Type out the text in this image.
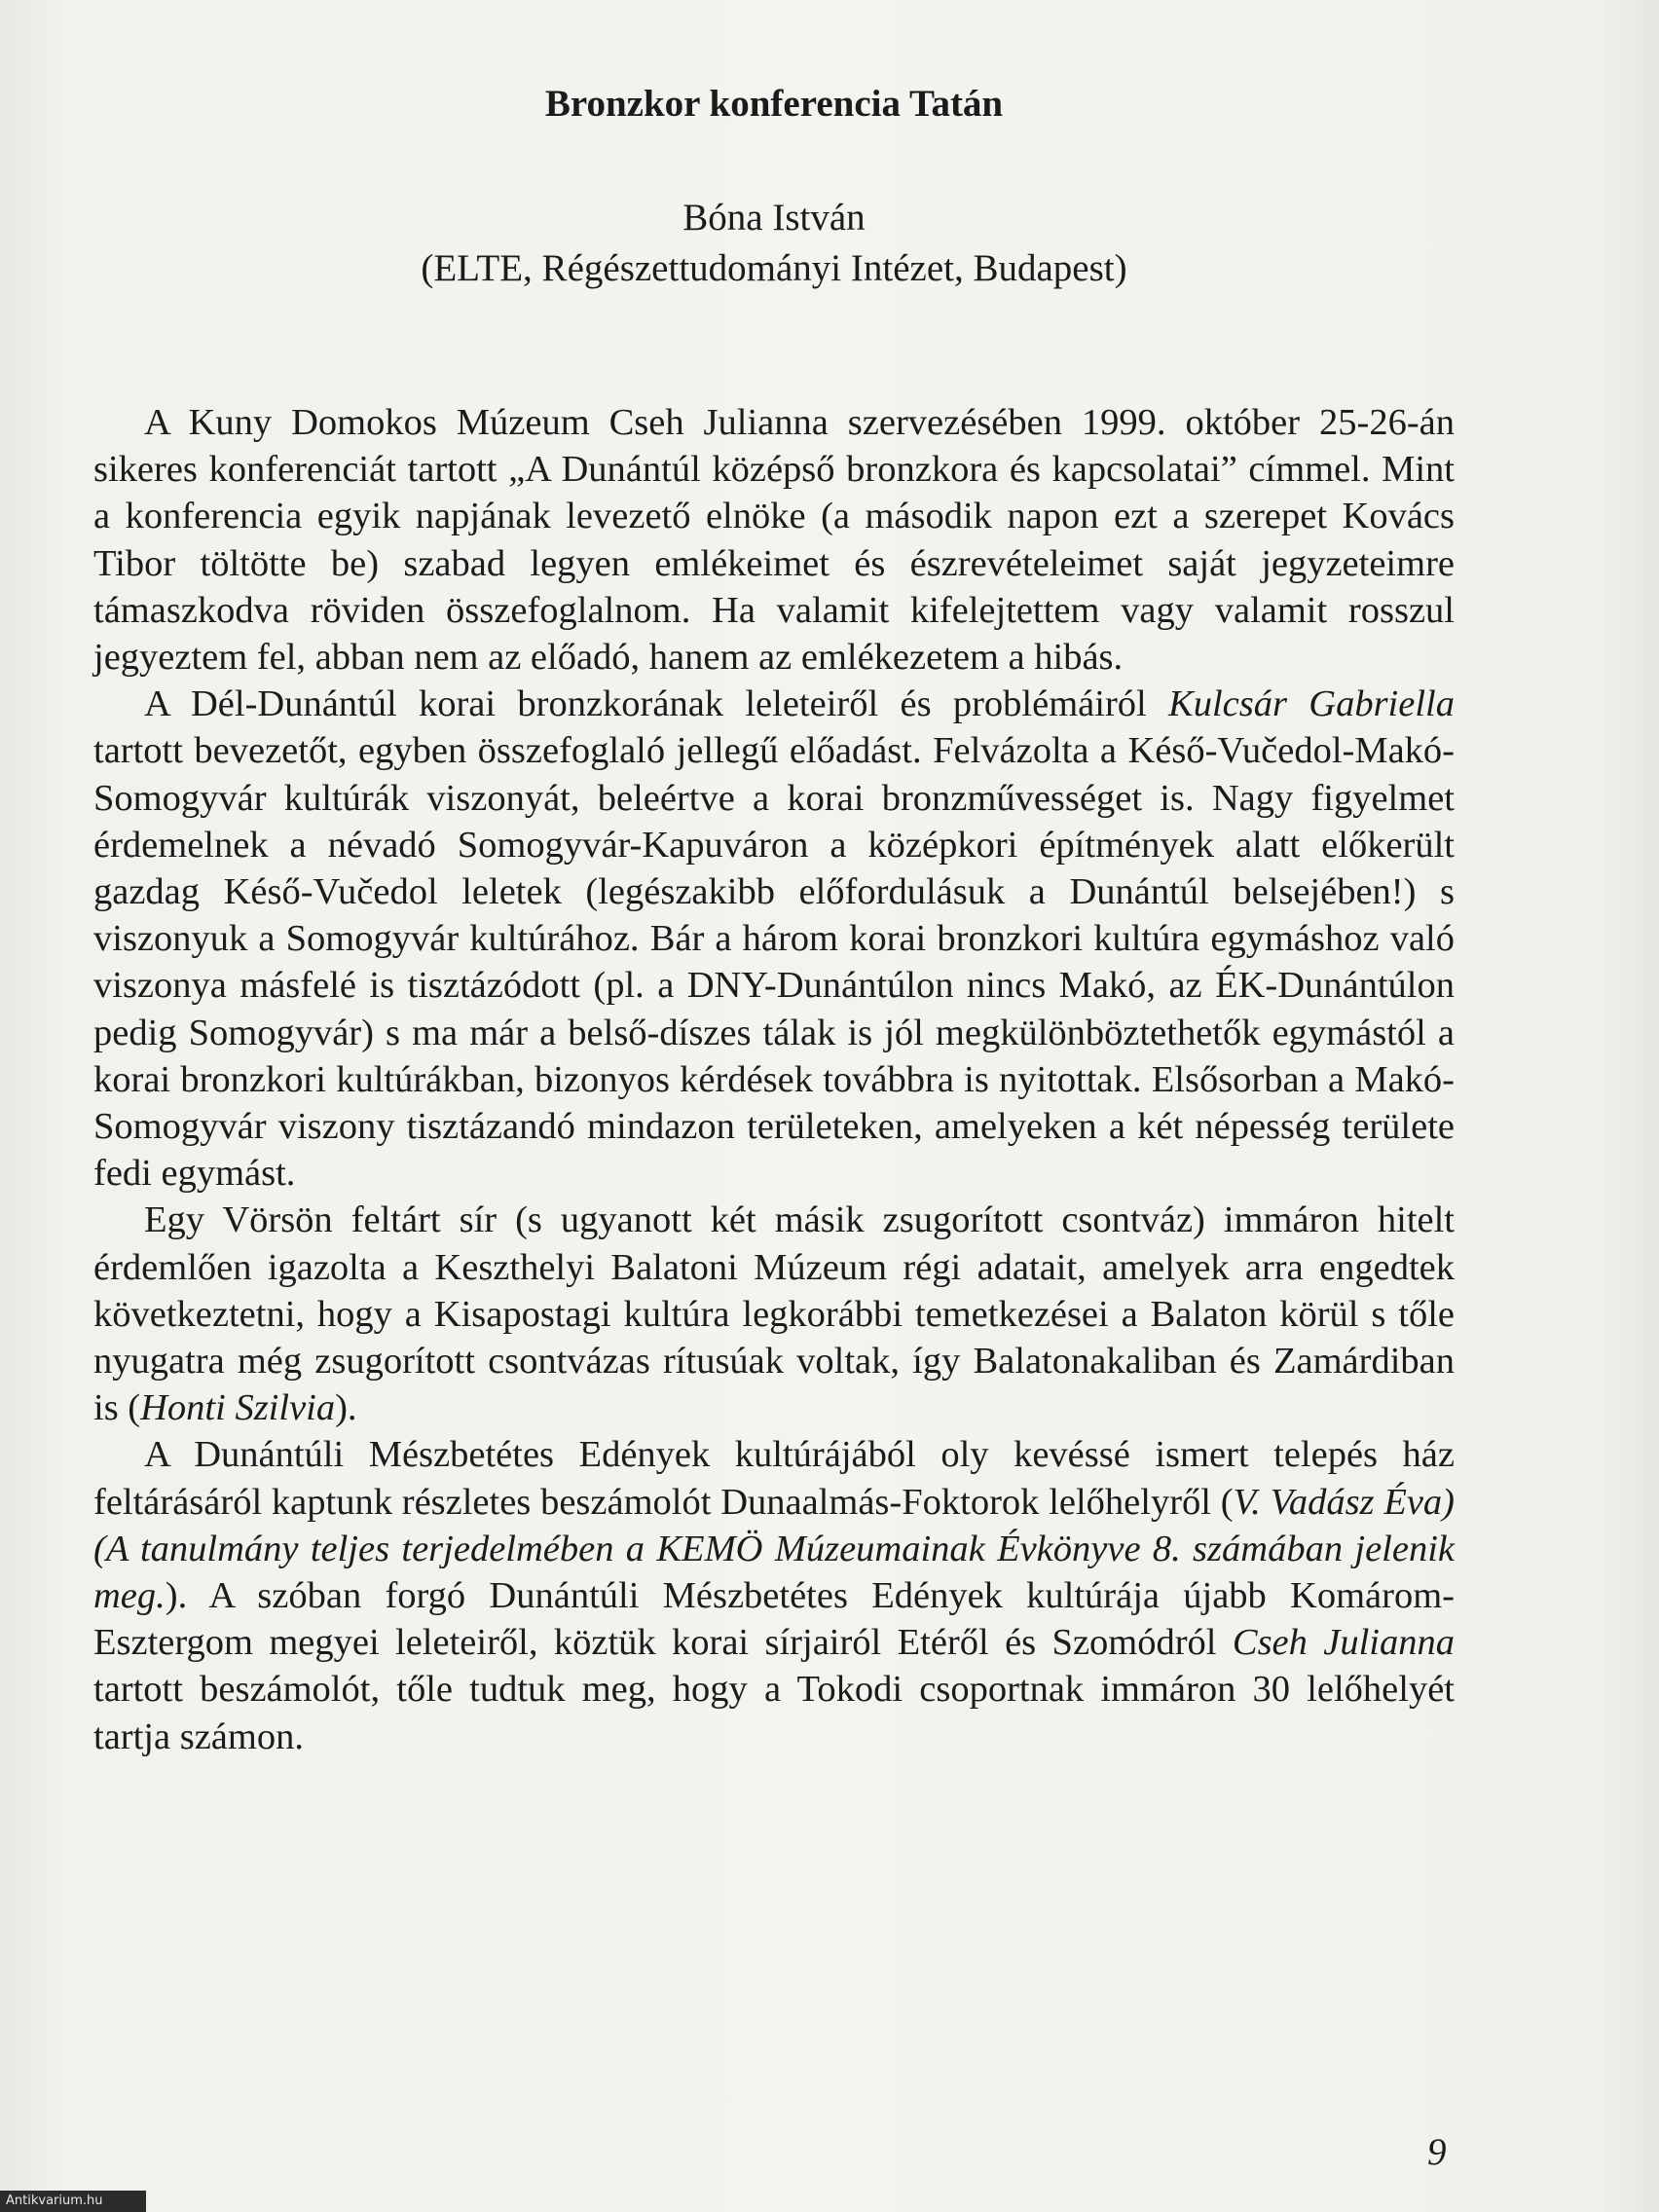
Bronzkor konferencia Tatán
Bóna István
(ELTE, Régészettudományi Intézet, Budapest)

A Kuny Domokos Múzeum Cseh Julianna szervezésében 1999. október 25-26-án sikeres konferenciát tartott „A Dunántúl középső bronzkora és kapcsolatai” címmel. Mint a konferencia egyik napjának levezető elnöke (a második napon ezt a szerepet Kovács Tibor töltötte be) szabad legyen emlékeimet és észrevételeimet saját jegyzeteimre támaszkodva röviden összefoglalnom. Ha valamit kifelejtettem vagy valamit rosszul jegyeztem fel, abban nem az előadó, hanem az emlékezetem a hibás.

A Dél-Dunántúl korai bronzkorának leleteiről és problémáiról Kulcsár Gabriella tartott bevezetőt, egyben összefoglaló jellegű előadást. Felvázolta a Késő-Vučedol-Makó-Somogyvár kultúrák viszonyát, beleértve a korai bronzművességet is. Nagy figyelmet érdemelnek a névadó Somogyvár-Kapuváron a középkori építmények alatt előkerült gazdag Késő-Vučedol leletek (legészakibb előfordulásuk a Dunántúl belsejében!) s viszonyuk a Somogyvár kultúrához. Bár a három korai bronzkori kultúra egymáshoz való viszonya másfelé is tisztázódott (pl. a DNY-Dunántúlon nincs Makó, az ÉK-Dunántúlon pedig Somogyvár) s ma már a belső-díszes tálak is jól megkülönböztethetők egymástól a korai bronzkori kultúrákban, bizonyos kérdések továbbra is nyitottak. Elsősorban a Makó-Somogyvár viszony tisztázandó mindazon területeken, amelyeken a két népesség területe fedi egymást.

Egy Vörsön feltárt sír (s ugyanott két másik zsugorított csontváz) immáron hitelt érdemlően igazolta a Keszthelyi Balatoni Múzeum régi adatait, amelyek arra engedtek következtetni, hogy a Kisapostagi kultúra legkorábbi temetkezései a Balaton körül s tőle nyugatra még zsugorított csontvázas rítusúak voltak, így Balatonakaliban és Zamárdiban is (Honti Szilvia).

A Dunántúli Mészbetétes Edények kultúrájából oly kevéssé ismert telepés ház feltárásáról kaptunk részletes beszámolót Dunaalmás-Foktorok lelőhelyről (V. Vadász Éva) (A tanulmány teljes terjedelmében a KEMÖ Múzeumainak Évkönyve 8. számában jelenik meg.). A szóban forgó Dunántúli Mészbetétes Edények kultúrája újabb Komárom-Esztergom megyei leleteiről, köztük korai sírjairól Etéről és Szomódról Cseh Julianna tartott beszámolót, tőle tudtuk meg, hogy a Tokodi csoportnak immáron 30 lelőhelyét tartja számon.

9
Antikvarium.hu
